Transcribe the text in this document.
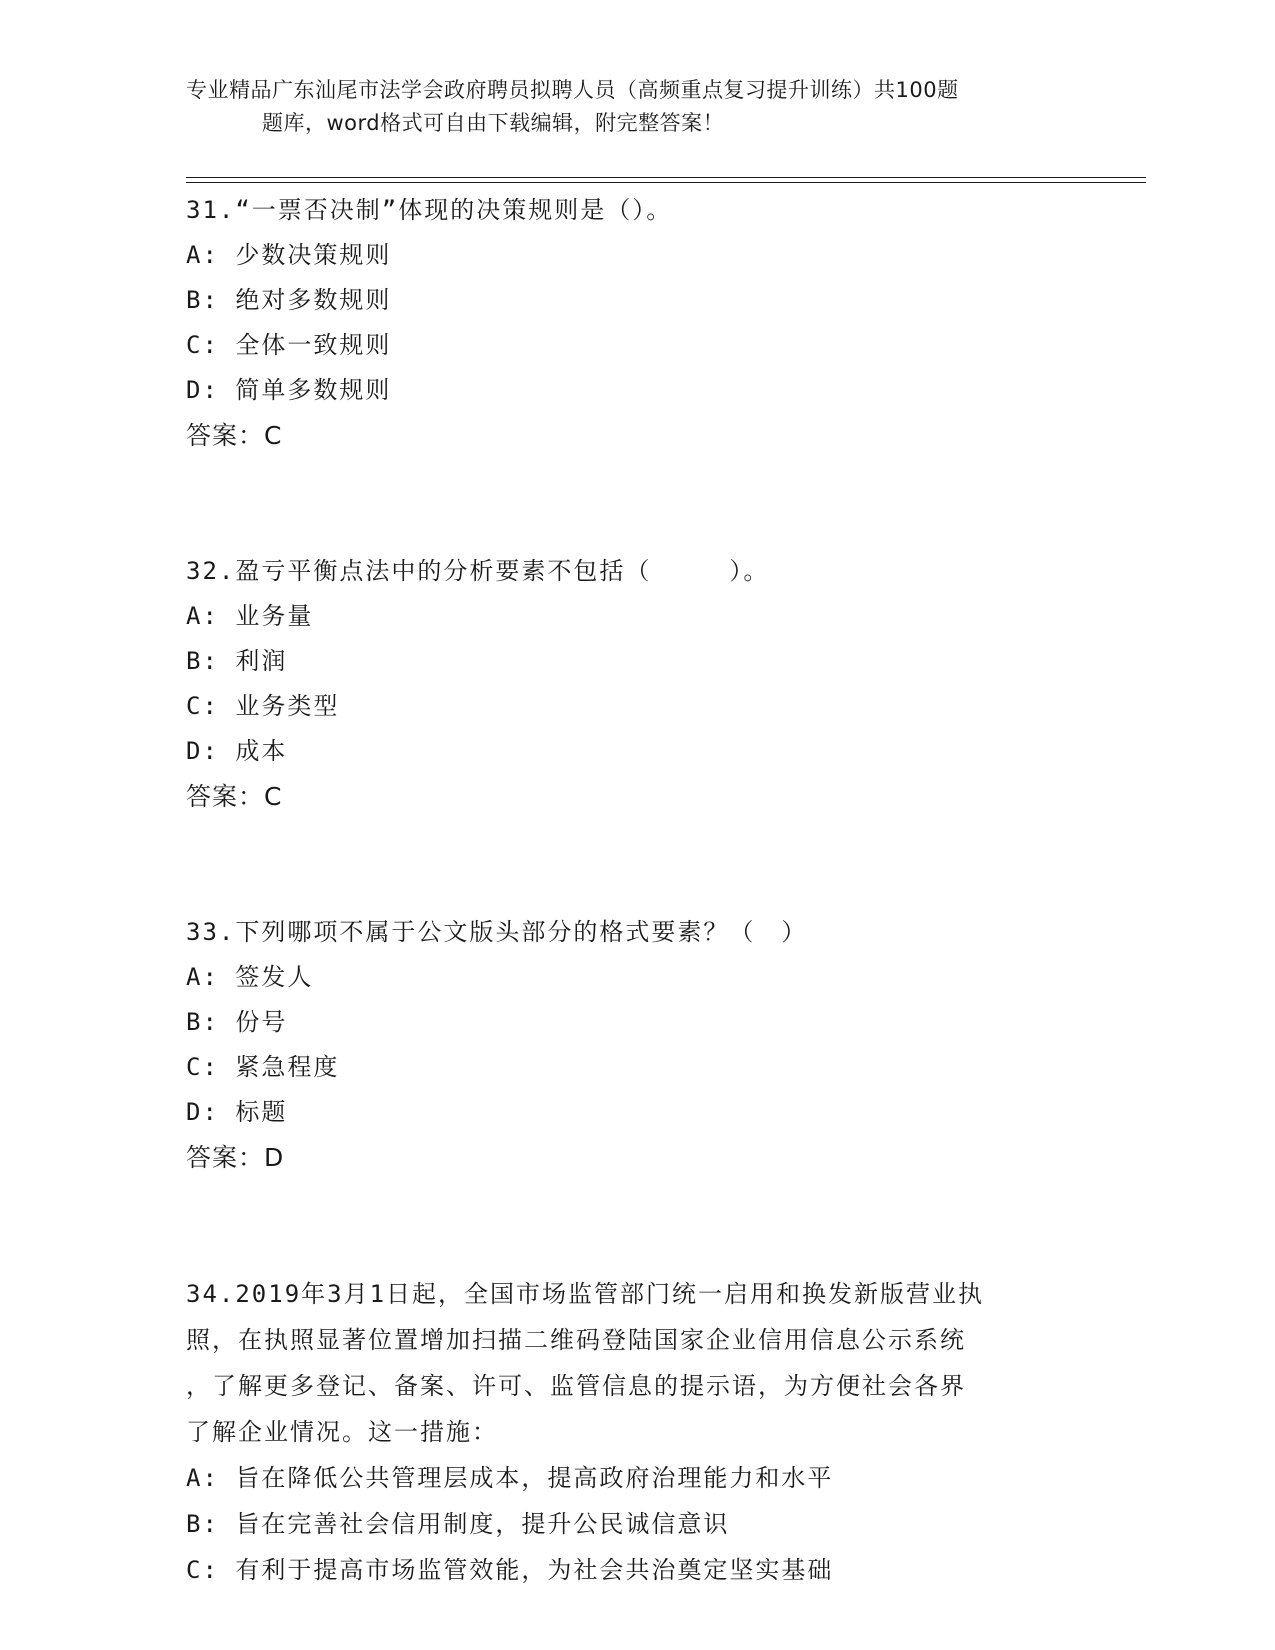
专业精品广东汕尾市法学会政府聘员拟聘人员（高频重点复习提升训练）共100题
题库，word格式可自由下载编辑，附完整答案！
31.“一票否决制”体现的决策规则是（）。
A: 少数决策规则
B: 绝对多数规则
C: 全体一致规则
D: 简单多数规则
答案：C
32.盈亏平衡点法中的分析要素不包括（　　　）。
A: 业务量
B: 利润
C: 业务类型
D: 成本
答案：C
33.下列哪项不属于公文版头部分的格式要素？（　）
A: 签发人
B: 份号
C: 紧急程度
D: 标题
答案：D
34.2019年3月1日起，全国市场监管部门统一启用和换发新版营业执
照，在执照显著位置增加扫描二维码登陆国家企业信用信息公示系统
，了解更多登记、备案、许可、监管信息的提示语，为方便社会各界
了解企业情况。这一措施：
A: 旨在降低公共管理层成本，提高政府治理能力和水平
B: 旨在完善社会信用制度，提升公民诚信意识
C: 有利于提高市场监管效能，为社会共治奠定坚实基础
